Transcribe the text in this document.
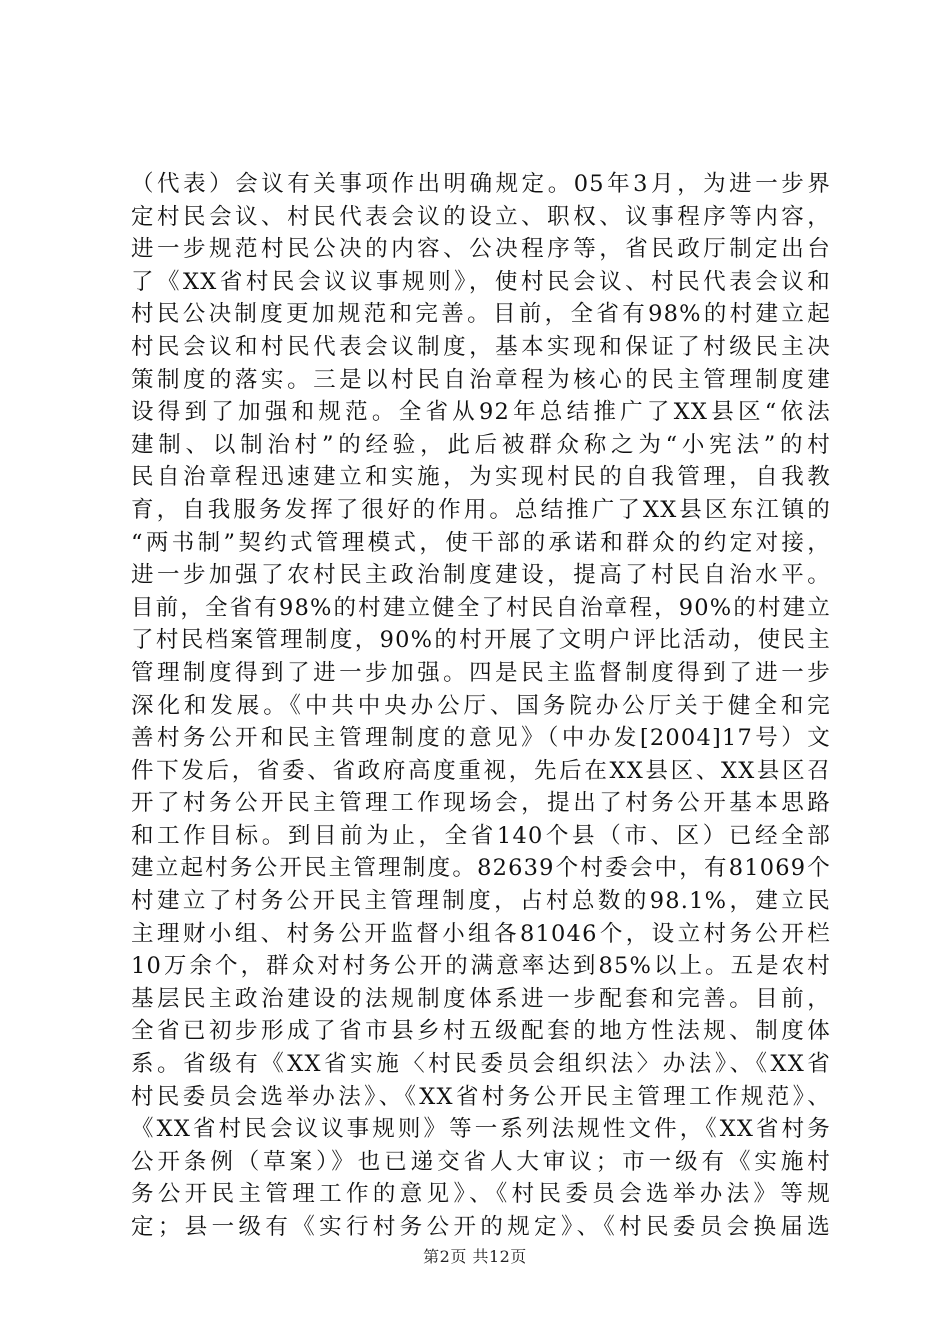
（代表）会议有关事项作出明确规定。05年3月，为进一步界
定村民会议、村民代表会议的设立、职权、议事程序等内容，
进一步规范村民公决的内容、公决程序等，省民政厅制定出台
了《XX省村民会议议事规则》，使村民会议、村民代表会议和
村民公决制度更加规范和完善。目前，全省有98%的村建立起
村民会议和村民代表会议制度，基本实现和保证了村级民主决
策制度的落实。三是以村民自治章程为核心的民主管理制度建
设得到了加强和规范。全省从92年总结推广了XX县区“依法
建制、以制治村”的经验，此后被群众称之为“小宪法”的村
民自治章程迅速建立和实施，为实现村民的自我管理，自我教
育，自我服务发挥了很好的作用。总结推广了XX县区东江镇的
“两书制”契约式管理模式，使干部的承诺和群众的约定对接，
进一步加强了农村民主政治制度建设，提高了村民自治水平。
目前，全省有98%的村建立健全了村民自治章程，90%的村建立
了村民档案管理制度，90%的村开展了文明户评比活动，使民主
管理制度得到了进一步加强。四是民主监督制度得到了进一步
深化和发展。《中共中央办公厅、国务院办公厅关于健全和完
善村务公开和民主管理制度的意见》（中办发[2004]17号）文
件下发后，省委、省政府高度重视，先后在XX县区、XX县区召
开了村务公开民主管理工作现场会，提出了村务公开基本思路
和工作目标。到目前为止，全省140个县（市、区）已经全部
建立起村务公开民主管理制度。82639个村委会中，有81069个
村建立了村务公开民主管理制度，占村总数的98.1%，建立民
主理财小组、村务公开监督小组各81046个，设立村务公开栏
10万余个，群众对村务公开的满意率达到85%以上。五是农村
基层民主政治建设的法规制度体系进一步配套和完善。目前，
全省已初步形成了省市县乡村五级配套的地方性法规、制度体
系。省级有《XX省实施〈村民委员会组织法〉办法》、《XX省
村民委员会选举办法》、《XX省村务公开民主管理工作规范》、
《XX省村民会议议事规则》等一系列法规性文件，《XX省村务
公开条例（草案）》也已递交省人大审议；市一级有《实施村
务公开民主管理工作的意见》、《村民委员会选举办法》等规
定；县一级有《实行村务公开的规定》、《村民委员会换届选
第2页 共12页
